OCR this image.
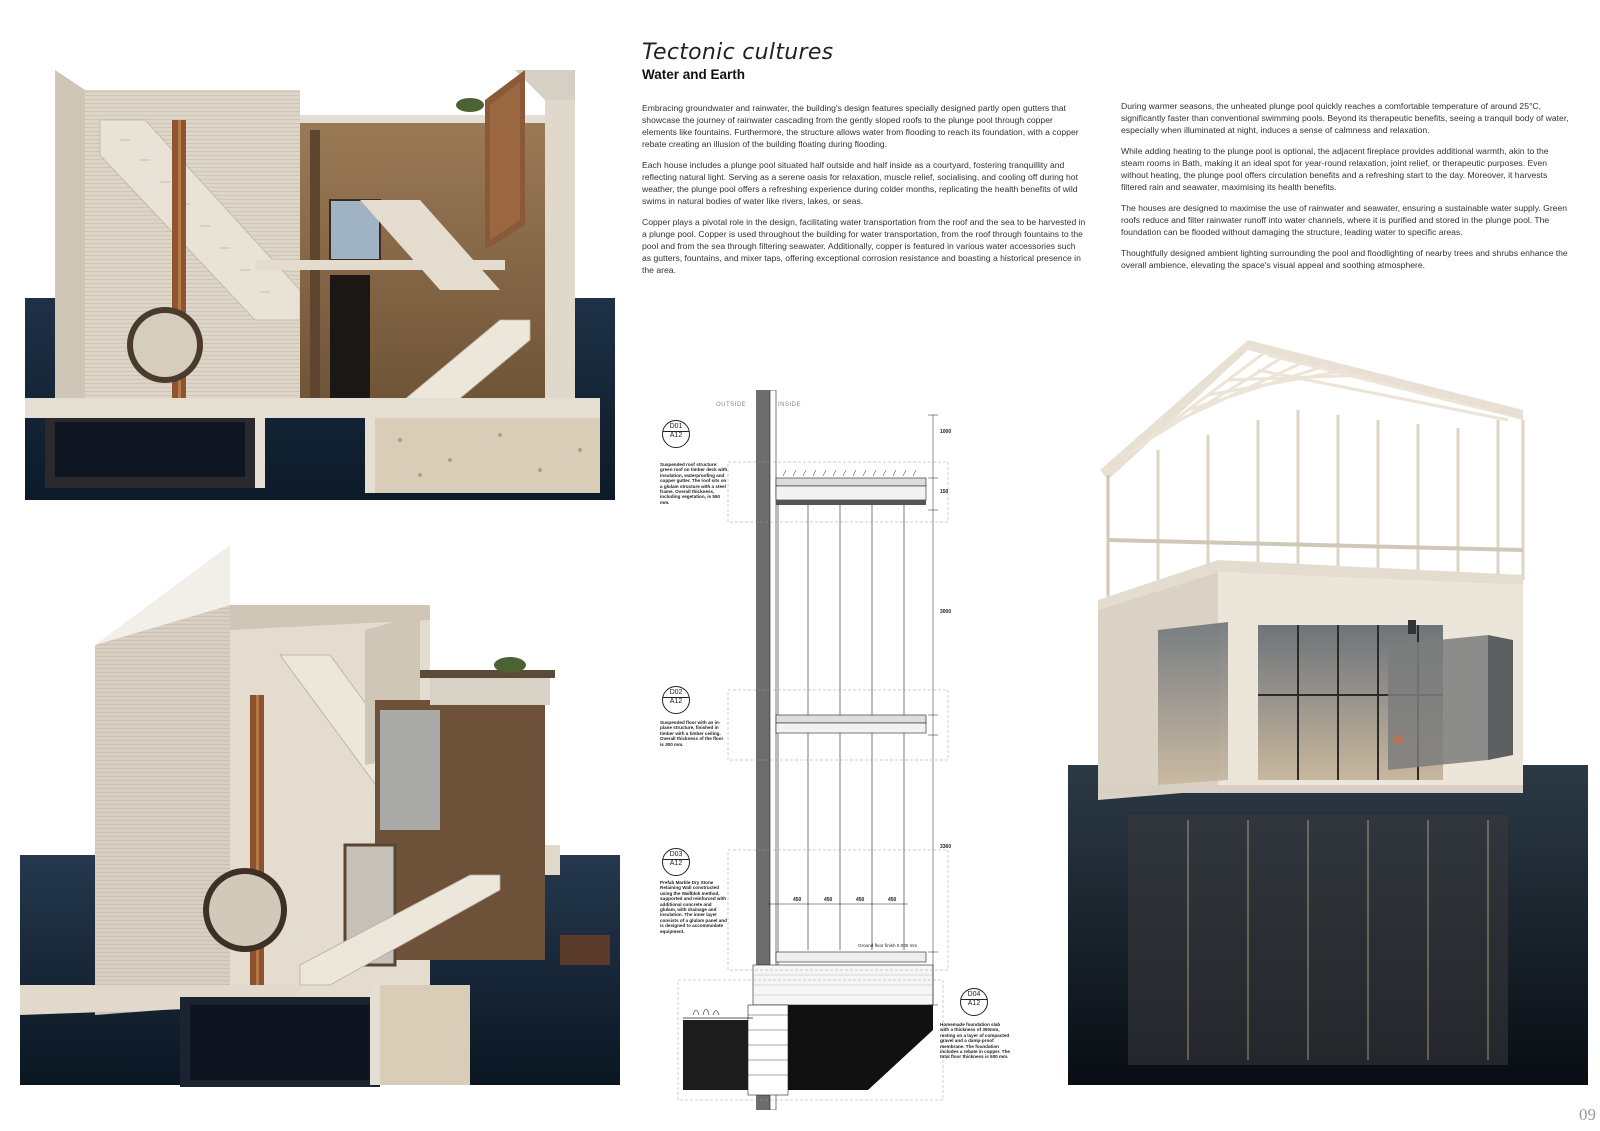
Tectonic cultures
Water and Earth

Embracing groundwater and rainwater, the building's design features specially designed partly open gutters that showcase the journey of rainwater cascading from the gently sloped roofs to the plunge pool through copper elements like fountains. Furthermore, the structure allows water from flooding to reach its foundation, with a copper rebate creating an illusion of the building floating during flooding.

Each house includes a plunge pool situated half outside and half inside as a courtyard, fostering tranquillity and reflecting natural light. Serving as a serene oasis for relaxation, muscle relief, socialising, and cooling off during hot weather, the plunge pool offers a refreshing experience during colder months, replicating the health benefits of wild swims in natural bodies of water like rivers, lakes, or seas.

Copper plays a pivotal role in the design, facilitating water transportation from the roof and the sea to be harvested in a plunge pool. Copper is used throughout the building for water transportation, from the roof through fountains to the pool and from the sea through filtering seawater. Additionally, copper is featured in various water accessories such as gutters, fountains, and mixer taps, offering exceptional corrosion resistance and boasting a historical presence in the area.

During warmer seasons, the unheated plunge pool quickly reaches a comfortable temperature of around 25°C, significantly faster than conventional swimming pools. Beyond its therapeutic benefits, seeing a tranquil body of water, especially when illuminated at night, induces a sense of calmness and relaxation.

While adding heating to the plunge pool is optional, the adjacent fireplace provides additional warmth, akin to the steam rooms in Bath, making it an ideal spot for year-round relaxation, joint relief, or therapeutic purposes. Even without heating, the plunge pool offers circulation benefits and a refreshing start to the day. Moreover, it harvests filtered rain and seawater, maximising its health benefits.

The houses are designed to maximise the use of rainwater and seawater, ensuring a sustainable water supply. Green roofs reduce and filter rainwater runoff into water channels, where it is purified and stored in the plunge pool. The foundation can be flooded without damaging the structure, leading water to specific areas.

Thoughtfully designed ambient lighting surrounding the pool and floodlighting of nearby trees and shrubs enhance the overall ambience, elevating the space's visual appeal and soothing atmosphere.

OUTSIDE	INSIDE
D01
A12
D02
A12
D03
A12
D04
A12
Suspended roof structure: green roof on timber deck with insulation, waterproofing and copper gutter. The roof sits on a glulam structure with a steel frame. Overall thickness, including vegetation, is 550 mm.
Suspended floor with an in-plane structure, finished in timber with a timber ceiling. Overall thickness of the floor is 300 mm.
Prefab Marble Dry Stone Retaining Wall constructed using the Wallblok method, supported and reinforced with additional concrete and glulam, with drainage and insulation. The inner layer consists of a glulam panel and is designed to accommodate equipment.
Homemade foundation slab with a thickness of 300mm, resting on a layer of compacted gravel and a damp-proof membrane. The foundation includes a rebate in copper. The total floor thickness is 500 mm.
1000
150
3000
3360
450	450	450	450
Ground floor finish 0.000 mm
09
